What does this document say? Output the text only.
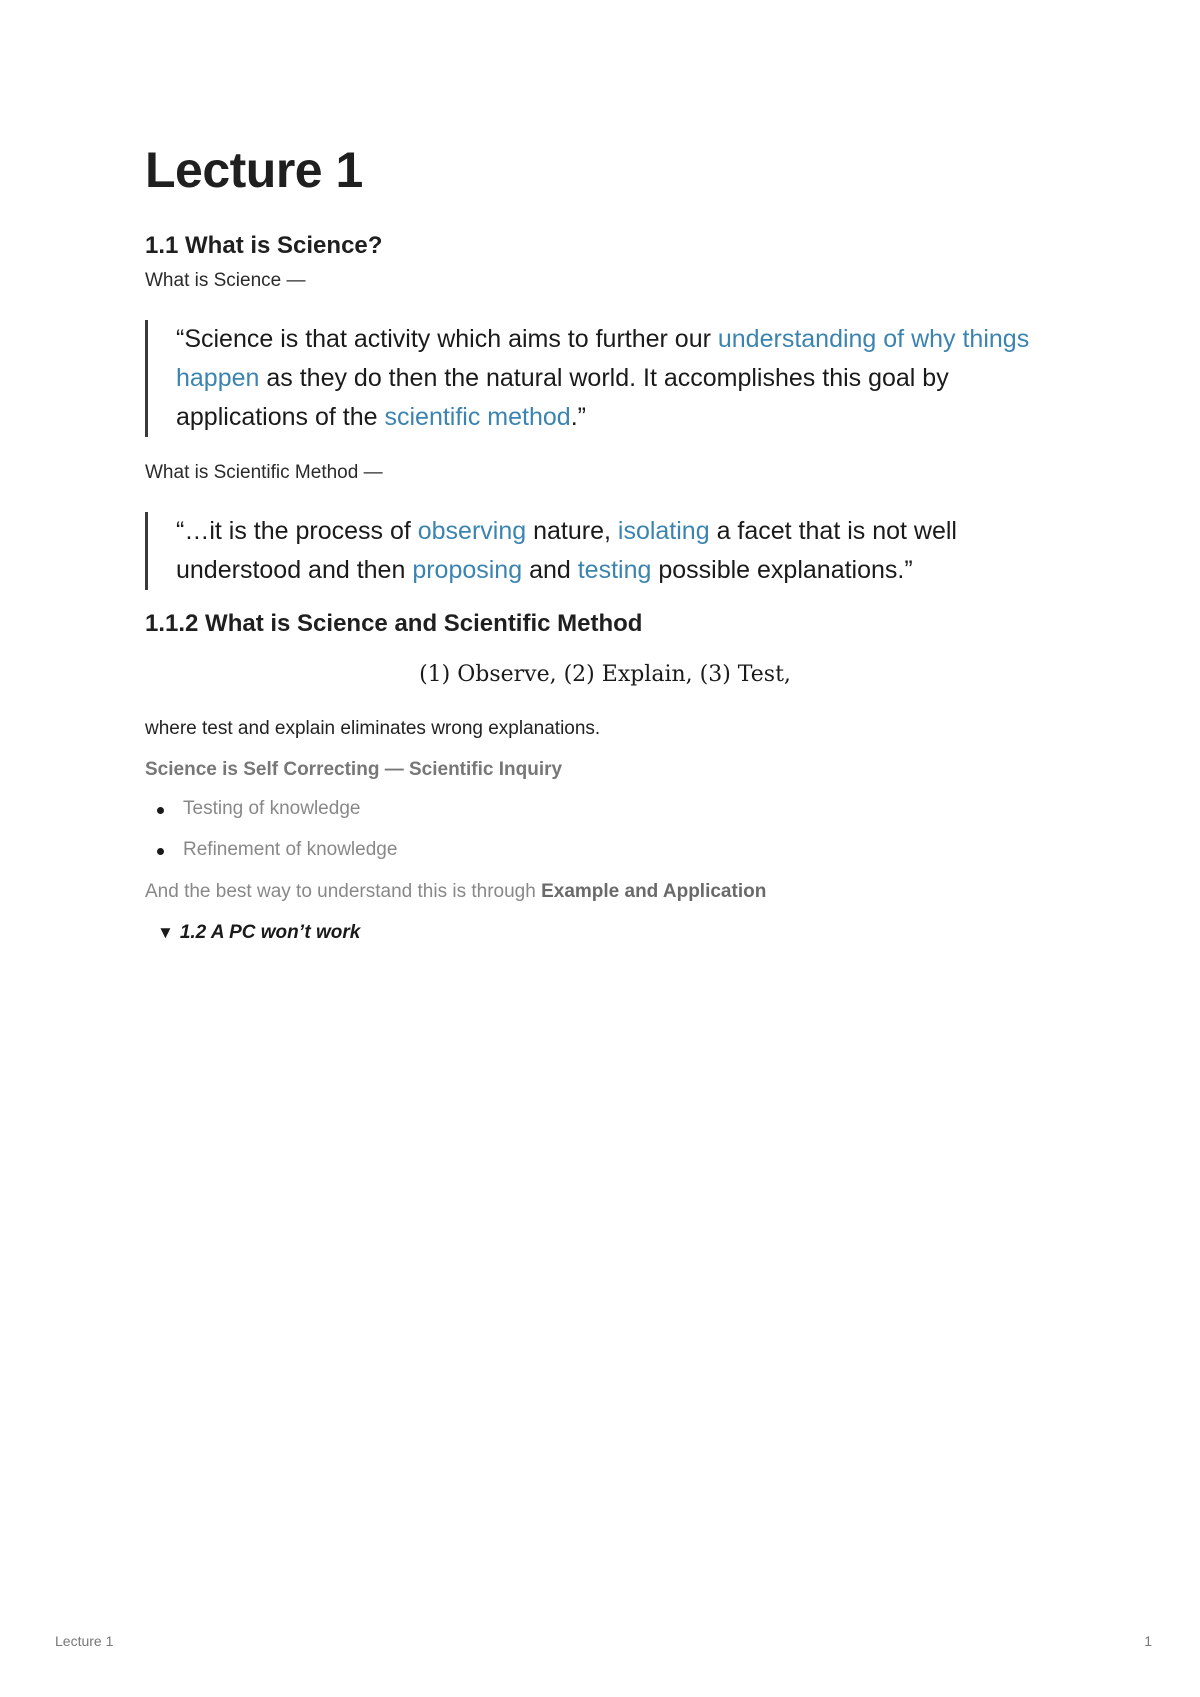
Lecture 1
1.1 What is Science?

What is Science —

“Science is that activity which aims to further our understanding of why things happen as they do then the natural world. It accomplishes this goal by applications of the scientific method.”

What is Scientific Method —

“…it is the process of observing nature, isolating a facet that is not well understood and then proposing and testing possible explanations.”
1.1.2 What is Science and Scientific Method
(1) Observe, (2) Explain, (3) Test,

where test and explain eliminates wrong explanations.

Science is Self Correcting — Scientific Inquiry

Testing of knowledge
Refinement of knowledge

And the best way to understand this is through Example and Application

▼ 1.2 A PC won’t work
Lecture 1	1
